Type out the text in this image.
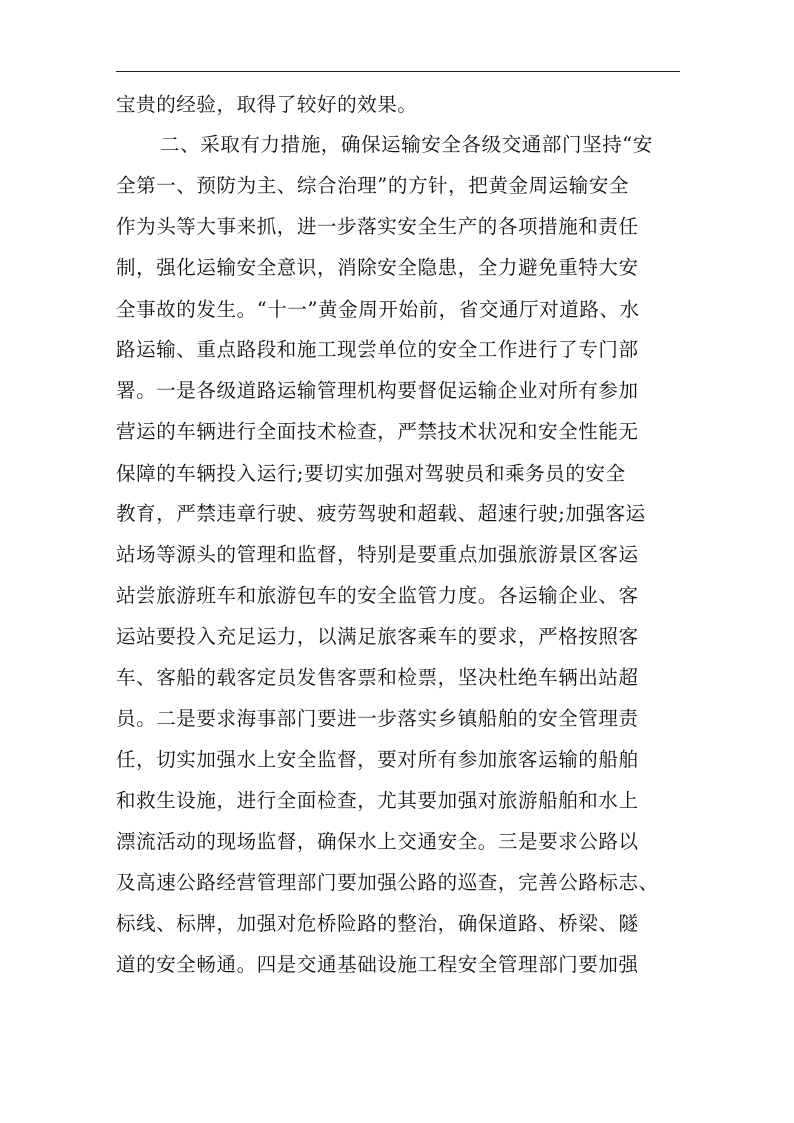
宝贵的经验，取得了较好的效果。
二、采取有力措施，确保运输安全各级交通部门坚持“安
全第一、预防为主、综合治理”的方针，把黄金周运输安全
作为头等大事来抓，进一步落实安全生产的各项措施和责任
制，强化运输安全意识，消除安全隐患，全力避免重特大安
全事故的发生。“十一”黄金周开始前，省交通厅对道路、水
路运输、重点路段和施工现尝单位的安全工作进行了专门部
署。一是各级道路运输管理机构要督促运输企业对所有参加
营运的车辆进行全面技术检查，严禁技术状况和安全性能无
保障的车辆投入运行;要切实加强对驾驶员和乘务员的安全
教育，严禁违章行驶、疲劳驾驶和超载、超速行驶;加强客运
站场等源头的管理和监督，特别是要重点加强旅游景区客运
站尝旅游班车和旅游包车的安全监管力度。各运输企业、客
运站要投入充足运力，以满足旅客乘车的要求，严格按照客
车、客船的载客定员发售客票和检票，坚决杜绝车辆出站超
员。二是要求海事部门要进一步落实乡镇船舶的安全管理责
任，切实加强水上安全监督，要对所有参加旅客运输的船舶
和救生设施，进行全面检查，尤其要加强对旅游船舶和水上
漂流活动的现场监督，确保水上交通安全。三是要求公路以
及高速公路经营管理部门要加强公路的巡查，完善公路标志、
标线、标牌，加强对危桥险路的整治，确保道路、桥梁、隧
道的安全畅通。四是交通基础设施工程安全管理部门要加强
